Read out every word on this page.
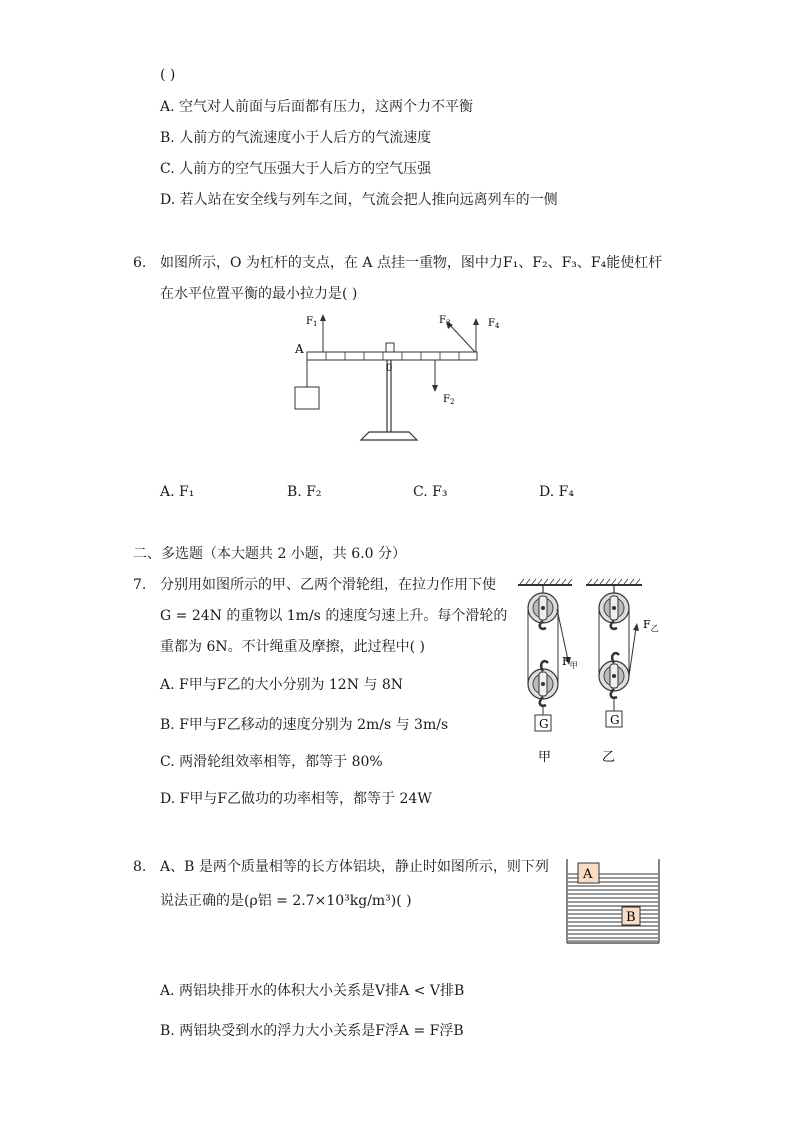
( )
A. 空气对人前面与后面都有压力，这两个力不平衡
B. 人前方的气流速度小于人后方的气流速度
C. 人前方的空气压强大于人后方的空气压强
D. 若人站在安全线与列车之间，气流会把人推向远离列车的一侧
6. 如图所示，O 为杠杆的支点，在 A 点挂一重物，图中力F₁、F₂、F₃、F₄能使杠杆
在水平位置平衡的最小拉力是( )
A
0
$F_1$
$F_2$
$F_3$	$F_4$
A. F₁	B. F₂	C. F₃	D. F₄
二、多选题（本大题共 2 小题，共 6.0 分）
7. 分别用如图所示的甲、乙两个滑轮组，在拉力作用下使
G = 24N 的重物以 1m/s 的速度匀速上升。每个滑轮的
重都为 6N。不计绳重及摩擦，此过程中( )
A. F甲与F乙的大小分别为 12N 与 8N
B. F甲与F乙移动的速度分别为 2m/s 与 3m/s
C. 两滑轮组效率相等，都等于 80%
D. F甲与F乙做功的功率相等，都等于 24W
G
$F_甲$
甲
G
$F_乙$
乙
8. A、B 是两个质量相等的长方体铝块，静止时如图所示，则下列
说法正确的是(ρ铝 = 2.7×10³kg/m³)( )
A
B
A. 两铝块排开水的体积大小关系是V排A < V排B
B. 两铝块受到水的浮力大小关系是F浮A = F浮B
